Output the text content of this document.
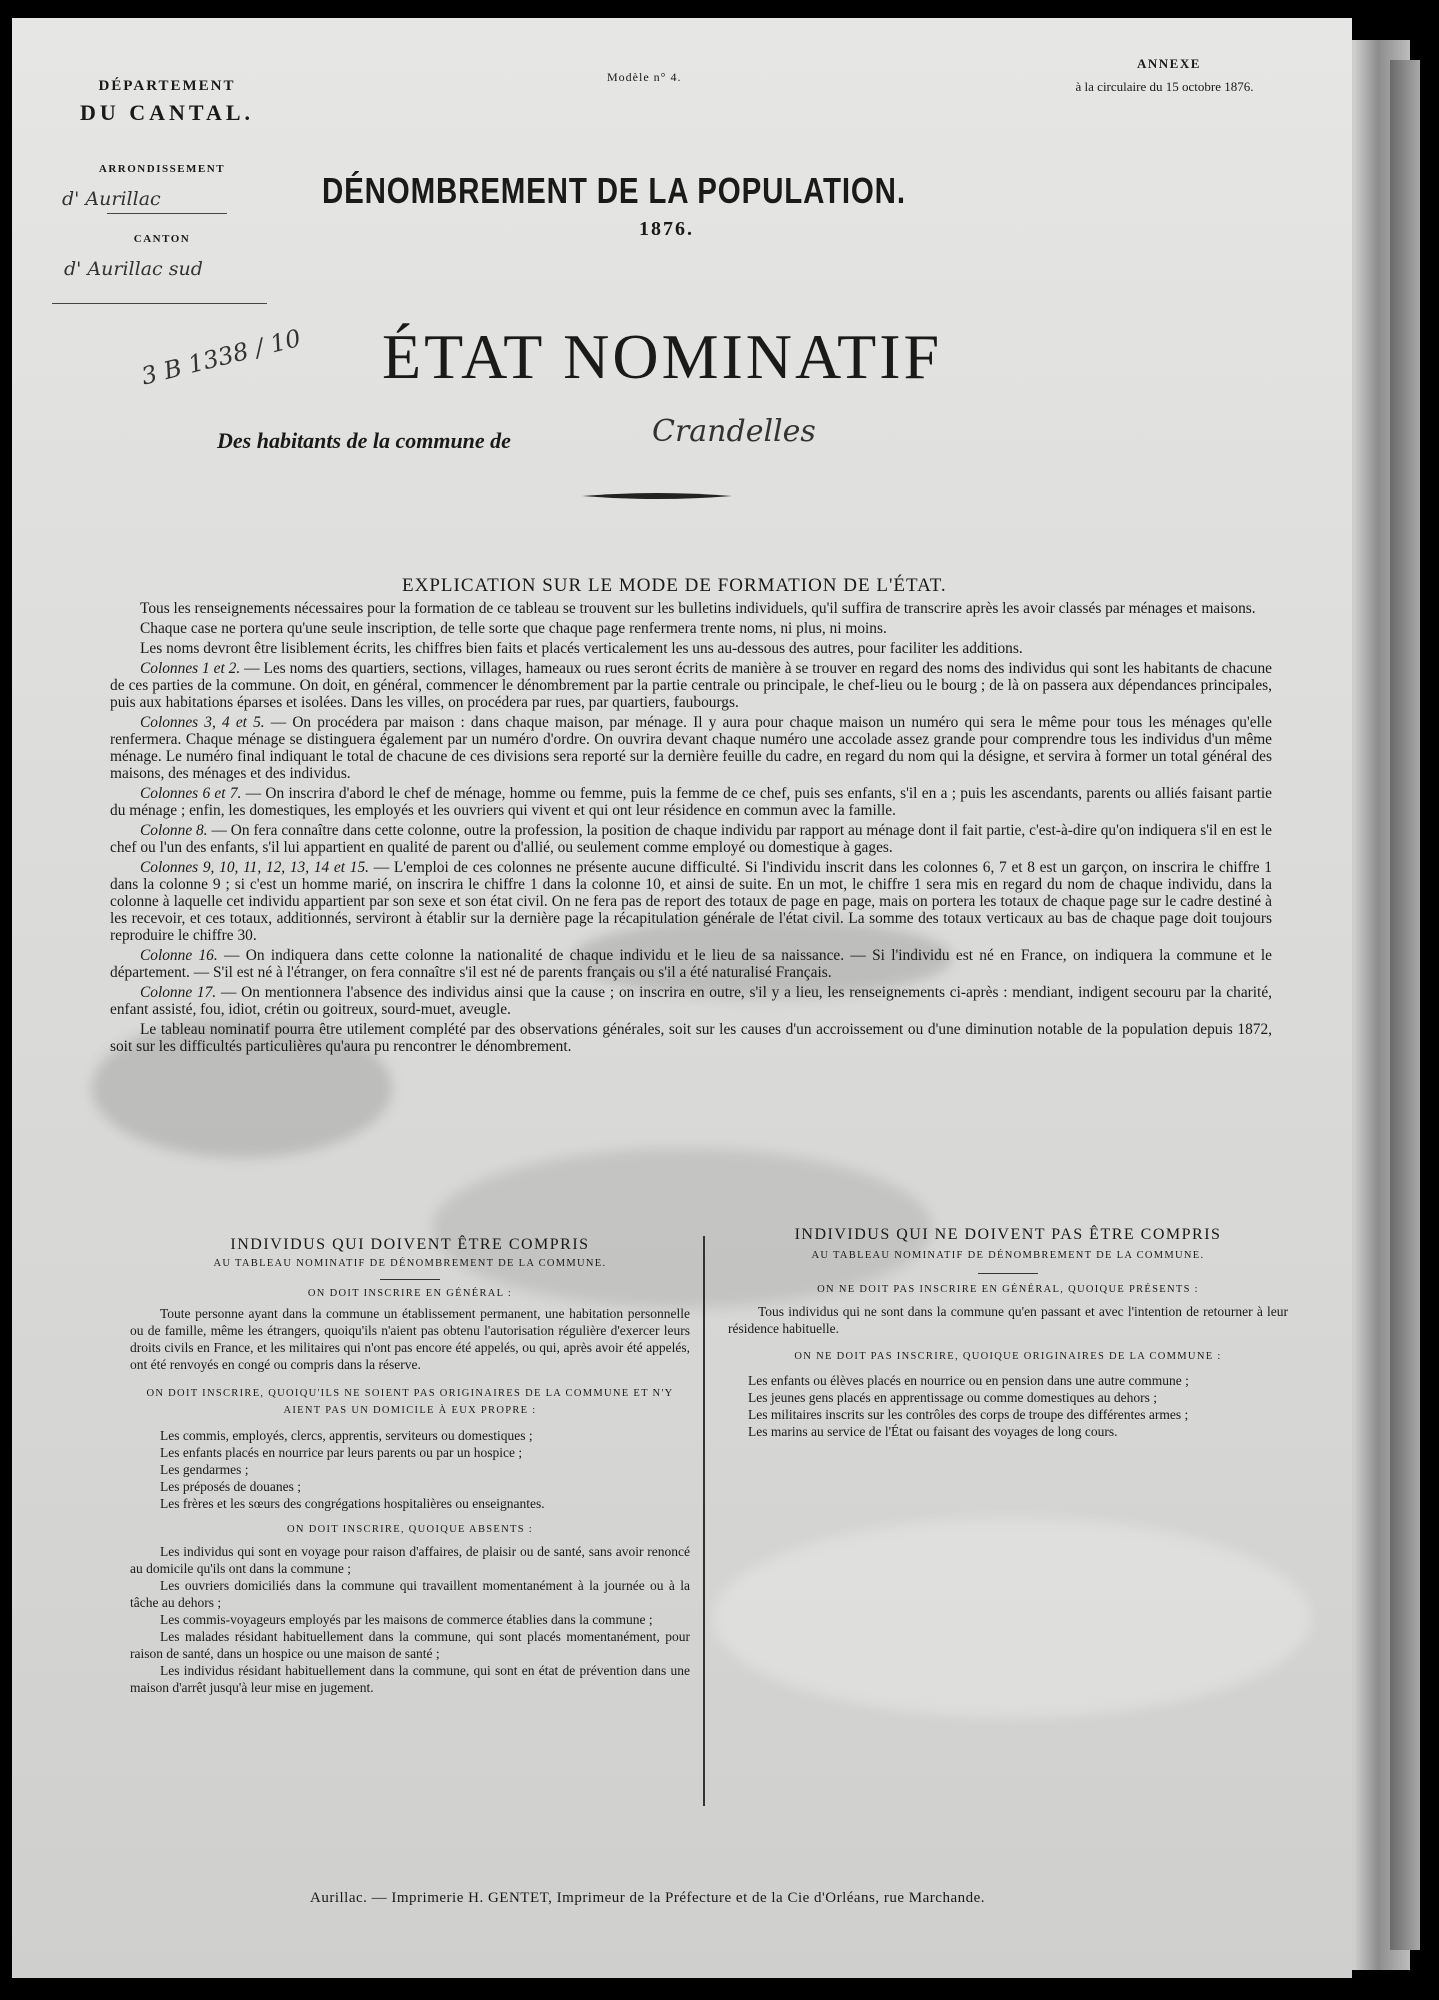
DÉPARTEMENT
DU CANTAL.
ARRONDISSEMENT
d' Aurillac
CANTON
d' Aurillac sud
3 B 1338 / 10
Modèle n° 4.
ANNEXE
à la circulaire du 15 octobre 1876.
DÉNOMBREMENT DE LA POPULATION.
1876.
ÉTAT NOMINATIF
Des habitants de la commune de	Crandelles
EXPLICATION SUR LE MODE DE FORMATION DE L'ÉTAT.

Tous les renseignements nécessaires pour la formation de ce tableau se trouvent sur les bulletins individuels, qu'il suffira de transcrire après les avoir classés par ménages et maisons.

Chaque case ne portera qu'une seule inscription, de telle sorte que chaque page renfermera trente noms, ni plus, ni moins.

Les noms devront être lisiblement écrits, les chiffres bien faits et placés verticalement les uns au-dessous des autres, pour faciliter les additions.

Colonnes 1 et 2. — Les noms des quartiers, sections, villages, hameaux ou rues seront écrits de manière à se trouver en regard des noms des individus qui sont les habitants de chacune de ces parties de la commune. On doit, en général, commencer le dénombrement par la partie centrale ou principale, le chef-lieu ou le bourg ; de là on passera aux dépendances principales, puis aux habitations éparses et isolées. Dans les villes, on procédera par rues, par quartiers, faubourgs.

Colonnes 3, 4 et 5. — On procédera par maison : dans chaque maison, par ménage. Il y aura pour chaque maison un numéro qui sera le même pour tous les ménages qu'elle renfermera. Chaque ménage se distinguera également par un numéro d'ordre. On ouvrira devant chaque numéro une accolade assez grande pour comprendre tous les individus d'un même ménage. Le numéro final indiquant le total de chacune de ces divisions sera reporté sur la dernière feuille du cadre, en regard du nom qui la désigne, et servira à former un total général des maisons, des ménages et des individus.

Colonnes 6 et 7. — On inscrira d'abord le chef de ménage, homme ou femme, puis la femme de ce chef, puis ses enfants, s'il en a ; puis les ascendants, parents ou alliés faisant partie du ménage ; enfin, les domestiques, les employés et les ouvriers qui vivent et qui ont leur résidence en commun avec la famille.

Colonne 8. — On fera connaître dans cette colonne, outre la profession, la position de chaque individu par rapport au ménage dont il fait partie, c'est-à-dire qu'on indiquera s'il en est le chef ou l'un des enfants, s'il lui appartient en qualité de parent ou d'allié, ou seulement comme employé ou domestique à gages.

Colonnes 9, 10, 11, 12, 13, 14 et 15. — L'emploi de ces colonnes ne présente aucune difficulté. Si l'individu inscrit dans les colonnes 6, 7 et 8 est un garçon, on inscrira le chiffre 1 dans la colonne 9 ; si c'est un homme marié, on inscrira le chiffre 1 dans la colonne 10, et ainsi de suite. En un mot, le chiffre 1 sera mis en regard du nom de chaque individu, dans la colonne à laquelle cet individu appartient par son sexe et son état civil. On ne fera pas de report des totaux de page en page, mais on portera les totaux de chaque page sur le cadre destiné à les recevoir, et ces totaux, additionnés, serviront à établir sur la dernière page la récapitulation générale de l'état civil. La somme des totaux verticaux au bas de chaque page doit toujours reproduire le chiffre 30.

Colonne 16. — On indiquera dans cette colonne la nationalité de chaque individu et le lieu de sa naissance. — Si l'individu est né en France, on indiquera la commune et le département. — S'il est né à l'étranger, on fera connaître s'il est né de parents français ou s'il a été naturalisé Français.

Colonne 17. — On mentionnera l'absence des individus ainsi que la cause ; on inscrira en outre, s'il y a lieu, les renseignements ci-après : mendiant, indigent secouru par la charité, enfant assisté, fou, idiot, crétin ou goitreux, sourd-muet, aveugle.

Le tableau nominatif pourra être utilement complété par des observations générales, soit sur les causes d'un accroissement ou d'une diminution notable de la population depuis 1872, soit sur les difficultés particulières qu'aura pu rencontrer le dénombrement.

INDIVIDUS QUI DOIVENT ÊTRE COMPRIS
AU TABLEAU NOMINATIF DE DÉNOMBREMENT DE LA COMMUNE.
ON DOIT INSCRIRE EN GÉNÉRAL :
Toute personne ayant dans la commune un établissement permanent, une habitation personnelle ou de famille, même les étrangers, quoiqu'ils n'aient pas obtenu l'autorisation régulière d'exercer leurs droits civils en France, et les militaires qui n'ont pas encore été appelés, ou qui, après avoir été appelés, ont été renvoyés en congé ou compris dans la réserve.
ON DOIT INSCRIRE, QUOIQU'ILS NE SOIENT PAS ORIGINAIRES DE LA COMMUNE ET N'Y AIENT PAS UN DOMICILE À EUX PROPRE :
Les commis, employés, clercs, apprentis, serviteurs ou domestiques ;
Les enfants placés en nourrice par leurs parents ou par un hospice ;
Les gendarmes ;
Les préposés de douanes ;
Les frères et les sœurs des congrégations hospitalières ou enseignantes.
ON DOIT INSCRIRE, QUOIQUE ABSENTS :
Les individus qui sont en voyage pour raison d'affaires, de plaisir ou de santé, sans avoir renoncé au domicile qu'ils ont dans la commune ;
Les ouvriers domiciliés dans la commune qui travaillent momentanément à la journée ou à la tâche au dehors ;
Les commis-voyageurs employés par les maisons de commerce établies dans la commune ;
Les malades résidant habituellement dans la commune, qui sont placés momentanément, pour raison de santé, dans un hospice ou une maison de santé ;
Les individus résidant habituellement dans la commune, qui sont en état de prévention dans une maison d'arrêt jusqu'à leur mise en jugement.
INDIVIDUS QUI NE DOIVENT PAS ÊTRE COMPRIS
AU TABLEAU NOMINATIF DE DÉNOMBREMENT DE LA COMMUNE.
ON NE DOIT PAS INSCRIRE EN GÉNÉRAL, QUOIQUE PRÉSENTS :
Tous individus qui ne sont dans la commune qu'en passant et avec l'intention de retourner à leur résidence habituelle.
ON NE DOIT PAS INSCRIRE, QUOIQUE ORIGINAIRES DE LA COMMUNE :
Les enfants ou élèves placés en nourrice ou en pension dans une autre commune ;
Les jeunes gens placés en apprentissage ou comme domestiques au dehors ;
Les militaires inscrits sur les contrôles des corps de troupe des différentes armes ;
Les marins au service de l'État ou faisant des voyages de long cours.
Aurillac. — Imprimerie H. GENTET, Imprimeur de la Préfecture et de la Cie d'Orléans, rue Marchande.
